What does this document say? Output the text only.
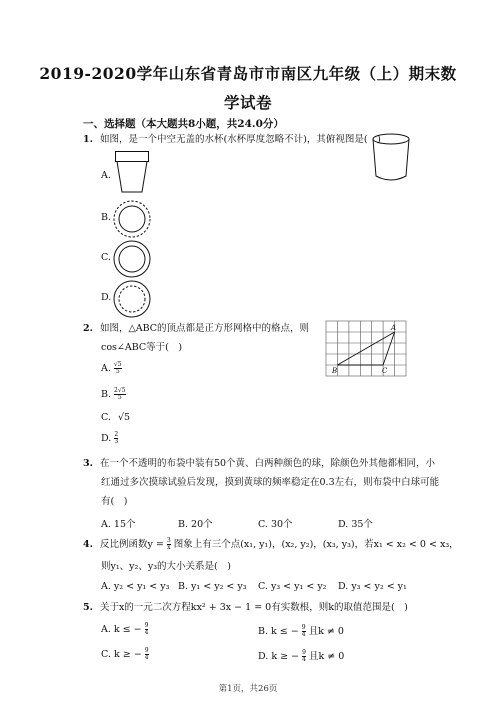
2019-2020学年山东省青岛市市南区九年级（上）期末数
学试卷
一、选择题（本大题共8小题，共24.0分）
1. 如图，是一个中空无盖的水杯(水杯厚度忽略不计)，其俯视图是(　)
A.
B.
C.
D.
2. 如图，△ABC的顶点都是正方形网格中的格点，则
cos∠ABC等于(　)
A. $\frac{√5}{5}$
B. $\frac{2√5}{5}$
C. √5
D. $\frac{2}{3}$
A
B	C
3. 在一个不透明的布袋中装有50个黄、白两种颜色的球，除颜色外其他都相同，小
红通过多次摸球试验后发现，摸到黄球的频率稳定在0.3左右，则布袋中白球可能
有(　)
A. 15个	B. 20个	C. 30个	D. 35个
4. 反比例函数$y = \frac{3}{x}$ 图象上有三个点(x₁, y₁)，(x₂, y₂)，(x₃, y₃)，若x₁ < x₂ < 0 < x₃，
则y₁、y₂、y₃的大小关系是(　)
A. y₂ < y₁ < y₃ B. y₁ < y₂ < y₃ C. y₃ < y₁ < y₂ D. y₃ < y₂ < y₁
5. 关于x的一元二次方程kx² + 3x − 1 = 0有实数根，则k的取值范围是(　)
A. k ≤ − $\frac{9}{4}$	B. k ≤ − $\frac{9}{4}$ 且k ≠ 0
C. k ≥ − $\frac{9}{4}$	D. k ≥ − $\frac{9}{4}$ 且k ≠ 0
第1页，共26页
